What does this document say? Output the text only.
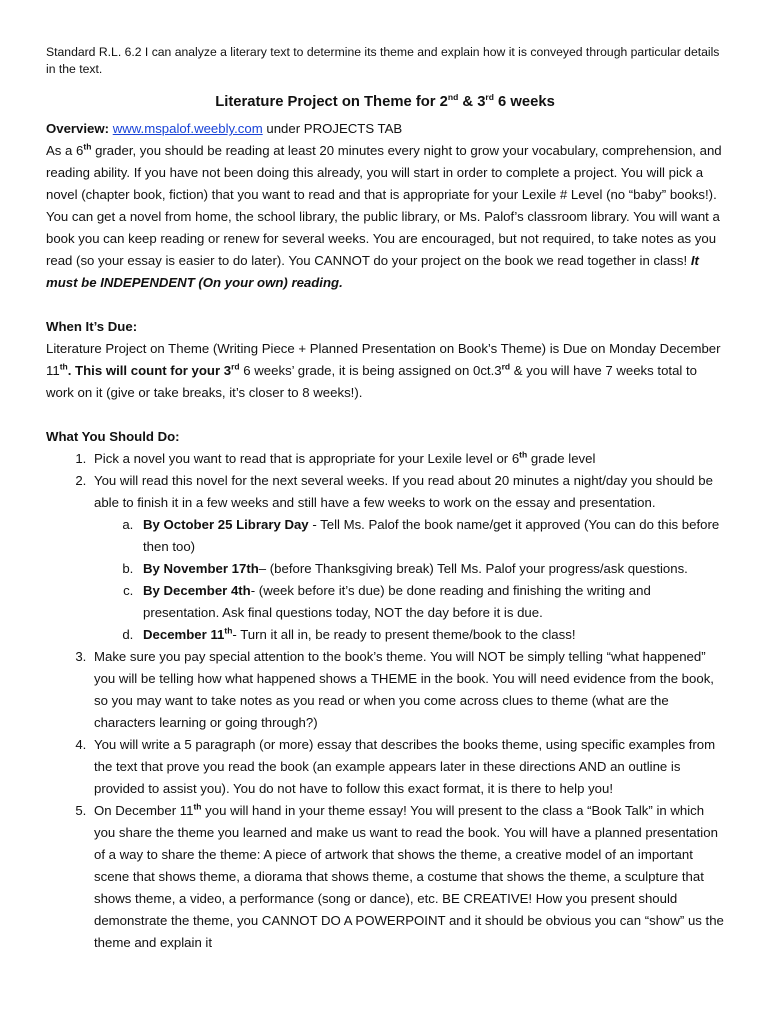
Standard R.L. 6.2 I can analyze a literary text to determine its theme and explain how it is conveyed through particular details in the text.

Literature Project on Theme for 2nd & 3rd 6 weeks

Overview: www.mspalof.weebly.com under PROJECTS TAB

As a 6th grader, you should be reading at least 20 minutes every night to grow your vocabulary, comprehension, and reading ability. If you have not been doing this already, you will start in order to complete a project. You will pick a novel (chapter book, fiction) that you want to read and that is appropriate for your Lexile # Level (no “baby” books!). You can get a novel from home, the school library, the public library, or Ms. Palof’s classroom library. You will want a book you can keep reading or renew for several weeks. You are encouraged, but not required, to take notes as you read (so your essay is easier to do later). You CANNOT do your project on the book we read together in class! It must be INDEPENDENT (On your own) reading.

When It’s Due:

Literature Project on Theme (Writing Piece + Planned Presentation on Book’s Theme) is Due on Monday December 11th. This will count for your 3rd 6 weeks’ grade, it is being assigned on 0ct.3rd & you will have 7 weeks total to work on it (give or take breaks, it’s closer to 8 weeks!).

What You Should Do:

1. Pick a novel you want to read that is appropriate for your Lexile level or 6th grade level
2. You will read this novel for the next several weeks. If you read about 20 minutes a night/day you should be able to finish it in a few weeks and still have a few weeks to work on the essay and presentation.
a. By October 25 Library Day - Tell Ms. Palof the book name/get it approved (You can do this before then too)
b. By November 17th– (before Thanksgiving break) Tell Ms. Palof your progress/ask questions.
c. By December 4th- (week before it’s due) be done reading and finishing the writing and presentation. Ask final questions today, NOT the day before it is due.
d. December 11th- Turn it all in, be ready to present theme/book to the class!
3. Make sure you pay special attention to the book’s theme. You will NOT be simply telling “what happened” you will be telling how what happened shows a THEME in the book. You will need evidence from the book, so you may want to take notes as you read or when you come across clues to theme (what are the characters learning or going through?)
4. You will write a 5 paragraph (or more) essay that describes the books theme, using specific examples from the text that prove you read the book (an example appears later in these directions AND an outline is provided to assist you). You do not have to follow this exact format, it is there to help you!
5. On December 11th you will hand in your theme essay! You will present to the class a “Book Talk” in which you share the theme you learned and make us want to read the book. You will have a planned presentation of a way to share the theme: A piece of artwork that shows the theme, a creative model of an important scene that shows theme, a diorama that shows theme, a costume that shows the theme, a sculpture that shows theme, a video, a performance (song or dance), etc. BE CREATIVE! How you present should demonstrate the theme, you CANNOT DO A POWERPOINT and it should be obvious you can “show” us the theme and explain it
